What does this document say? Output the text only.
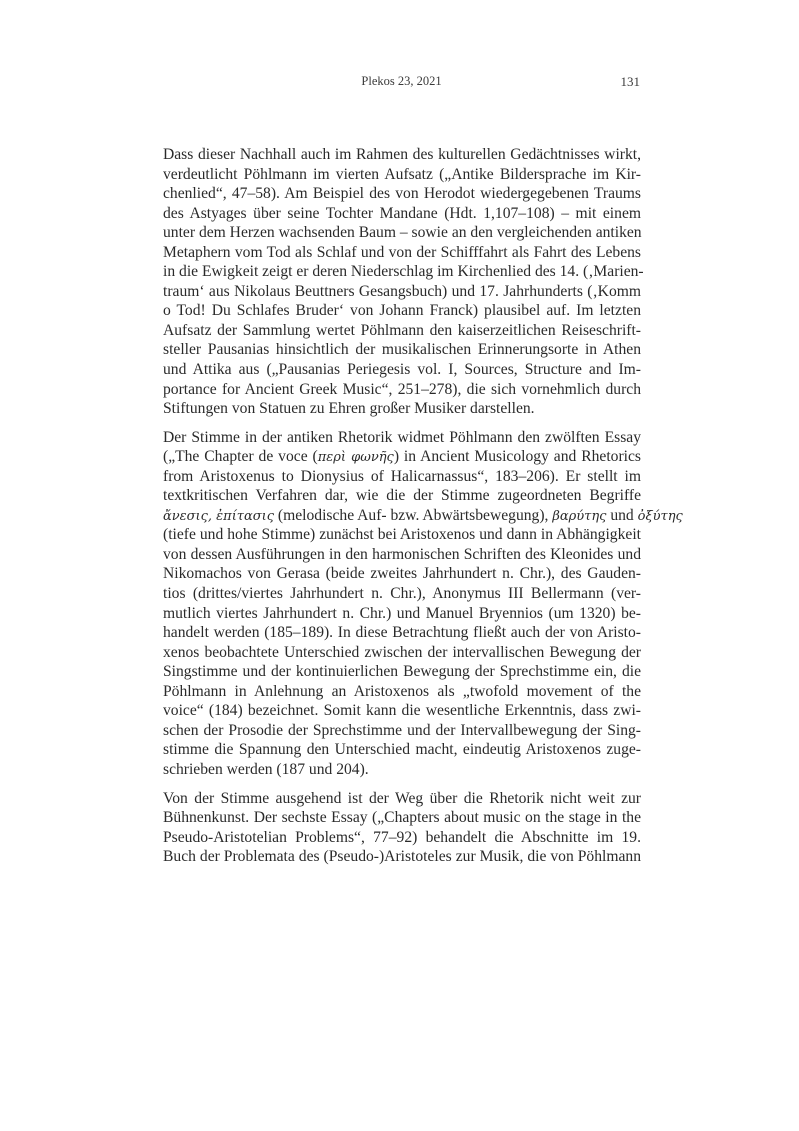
Plekos 23, 2021	131

Dass dieser Nachhall auch im Rahmen des kulturellen Gedächtnisses wirkt,
verdeutlicht Pöhlmann im vierten Aufsatz („Antike Bildersprache im Kir-
chenlied“, 47–58). Am Beispiel des von Herodot wiedergegebenen Traums
des Astyages über seine Tochter Mandane (Hdt. 1,107–108) – mit einem
unter dem Herzen wachsenden Baum – sowie an den vergleichenden antiken
Metaphern vom Tod als Schlaf und von der Schifffahrt als Fahrt des Lebens
in die Ewigkeit zeigt er deren Niederschlag im Kirchenlied des 14. (‚Marien-
traum‘ aus Nikolaus Beuttners Gesangsbuch) und 17. Jahrhunderts (‚Komm
o Tod! Du Schlafes Bruder‘ von Johann Franck) plausibel auf. Im letzten
Aufsatz der Sammlung wertet Pöhlmann den kaiserzeitlichen Reiseschrift-
steller Pausanias hinsichtlich der musikalischen Erinnerungsorte in Athen
und Attika aus („Pausanias Periegesis vol. I, Sources, Structure and Im-
portance for Ancient Greek Music“, 251–278), die sich vornehmlich durch
Stiftungen von Statuen zu Ehren großer Musiker darstellen.

Der Stimme in der antiken Rhetorik widmet Pöhlmann den zwölften Essay
(„The Chapter de voce (περὶ φωνῆς) in Ancient Musicology and Rhetorics
from Aristoxenus to Dionysius of Halicarnassus“, 183–206). Er stellt im
textkritischen Verfahren dar, wie die der Stimme zugeordneten Begriffe
ἄνεσις, ἐπίτασις (melodische Auf- bzw. Abwärtsbewegung), βαρύτης und ὀξύτης
(tiefe und hohe Stimme) zunächst bei Aristoxenos und dann in Abhängigkeit
von dessen Ausführungen in den harmonischen Schriften des Kleonides und
Nikomachos von Gerasa (beide zweites Jahrhundert n. Chr.), des Gauden-
tios (drittes/viertes Jahrhundert n. Chr.), Anonymus III Bellermann (ver-
mutlich viertes Jahrhundert n. Chr.) und Manuel Bryennios (um 1320) be-
handelt werden (185–189). In diese Betrachtung fließt auch der von Aristo-
xenos beobachtete Unterschied zwischen der intervallischen Bewegung der
Singstimme und der kontinuierlichen Bewegung der Sprechstimme ein, die
Pöhlmann in Anlehnung an Aristoxenos als „twofold movement of the
voice“ (184) bezeichnet. Somit kann die wesentliche Erkenntnis, dass zwi-
schen der Prosodie der Sprechstimme und der Intervallbewegung der Sing-
stimme die Spannung den Unterschied macht, eindeutig Aristoxenos zuge-
schrieben werden (187 und 204).

Von der Stimme ausgehend ist der Weg über die Rhetorik nicht weit zur
Bühnenkunst. Der sechste Essay („Chapters about music on the stage in the
Pseudo-Aristotelian Problems“, 77–92) behandelt die Abschnitte im 19.
Buch der Problemata des (Pseudo-)Aristoteles zur Musik, die von Pöhlmann
